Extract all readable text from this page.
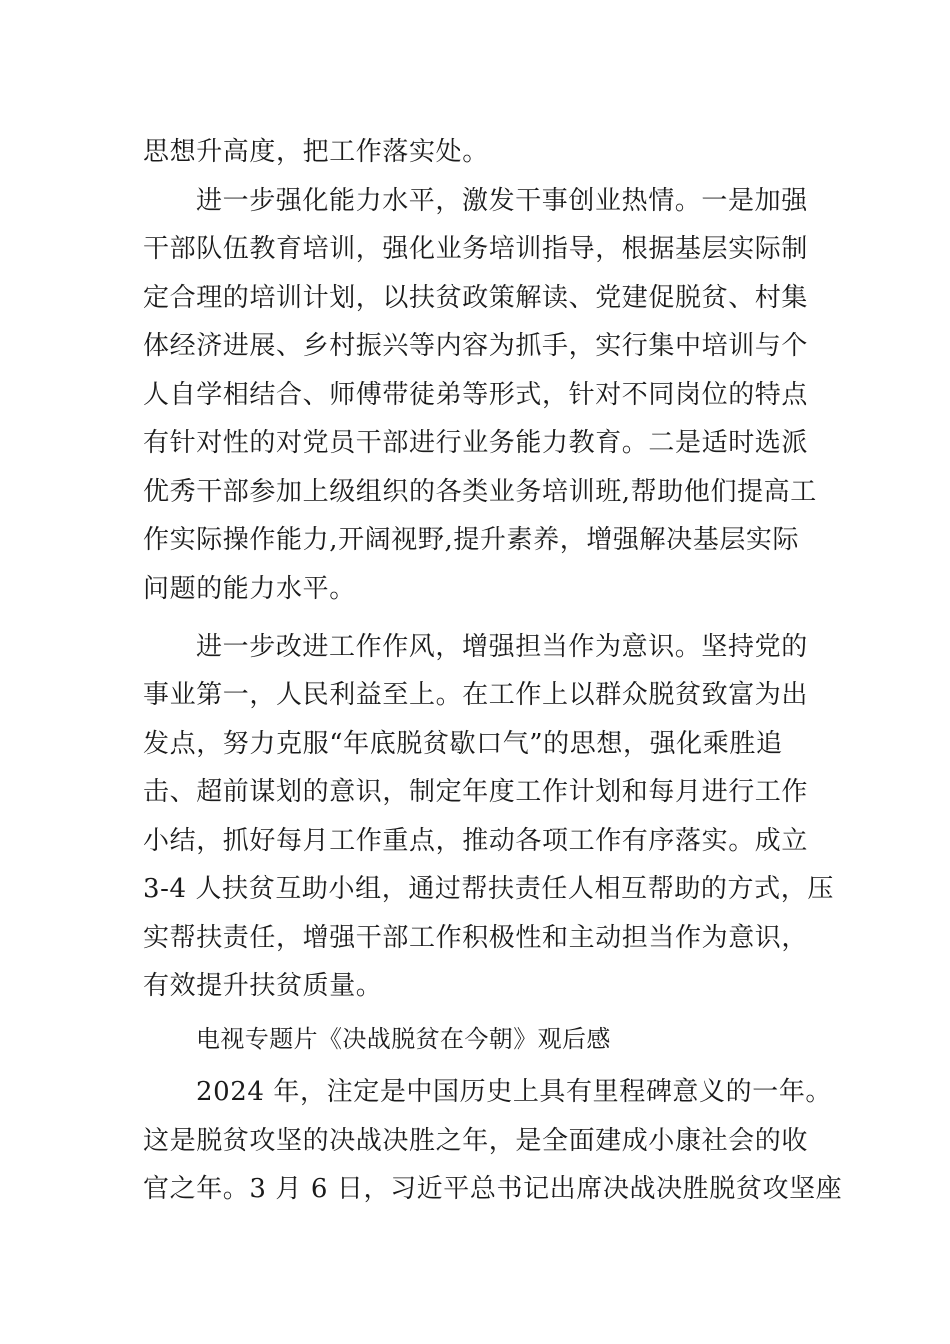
思想升高度，把工作落实处。
进一步强化能力水平，激发干事创业热情。一是加强
干部队伍教育培训，强化业务培训指导，根据基层实际制
定合理的培训计划，以扶贫政策解读、党建促脱贫、村集
体经济进展、乡村振兴等内容为抓手，实行集中培训与个
人自学相结合、师傅带徒弟等形式，针对不同岗位的特点
有针对性的对党员干部进行业务能力教育。二是适时选派
优秀干部参加上级组织的各类业务培训班,帮助他们提高工
作实际操作能力,开阔视野,提升素养，增强解决基层实际
问题的能力水平。
进一步改进工作作风，增强担当作为意识。坚持党的
事业第一，人民利益至上。在工作上以群众脱贫致富为出
发点，努力克服“年底脱贫歇口气”的思想，强化乘胜追
击、超前谋划的意识，制定年度工作计划和每月进行工作
小结，抓好每月工作重点，推动各项工作有序落实。成立
3-4 人扶贫互助小组，通过帮扶责任人相互帮助的方式，压
实帮扶责任，增强干部工作积极性和主动担当作为意识，
有效提升扶贫质量。
电视专题片《决战脱贫在今朝》观后感
2024 年，注定是中国历史上具有里程碑意义的一年。
这是脱贫攻坚的决战决胜之年，是全面建成小康社会的收
官之年。3 月 6 日，习近平总书记出席决战决胜脱贫攻坚座
